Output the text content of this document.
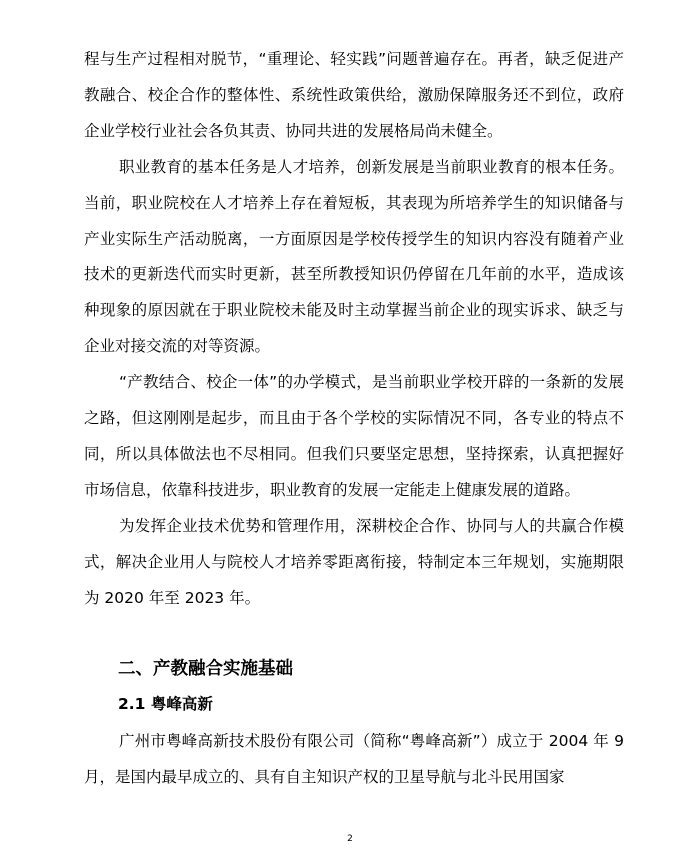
程与生产过程相对脱节，“重理论、轻实践”问题普遍存在。再者，缺乏促进产教融合、校企合作的整体性、系统性政策供给，激励保障服务还不到位，政府企业学校行业社会各负其责、协同共进的发展格局尚未健全。

职业教育的基本任务是人才培养，创新发展是当前职业教育的根本任务。当前，职业院校在人才培养上存在着短板，其表现为所培养学生的知识储备与产业实际生产活动脱离，一方面原因是学校传授学生的知识内容没有随着产业技术的更新迭代而实时更新，甚至所教授知识仍停留在几年前的水平，造成该种现象的原因就在于职业院校未能及时主动掌握当前企业的现实诉求、缺乏与企业对接交流的对等资源。

“产教结合、校企一体”的办学模式，是当前职业学校开辟的一条新的发展之路，但这刚刚是起步，而且由于各个学校的实际情况不同，各专业的特点不同，所以具体做法也不尽相同。但我们只要坚定思想，坚持探索，认真把握好市场信息，依靠科技进步，职业教育的发展一定能走上健康发展的道路。

为发挥企业技术优势和管理作用，深耕校企合作、协同与人的共赢合作模式，解决企业用人与院校人才培养零距离衔接，特制定本三年规划，实施期限为 2020 年至 2023 年。

二、产教融合实施基础
2.1 粤峰高新

广州市粤峰高新技术股份有限公司（简称“粤峰高新”）成立于 2004 年 9 月，是国内最早成立的、具有自主知识产权的卫星导航与北斗民用国家

2
